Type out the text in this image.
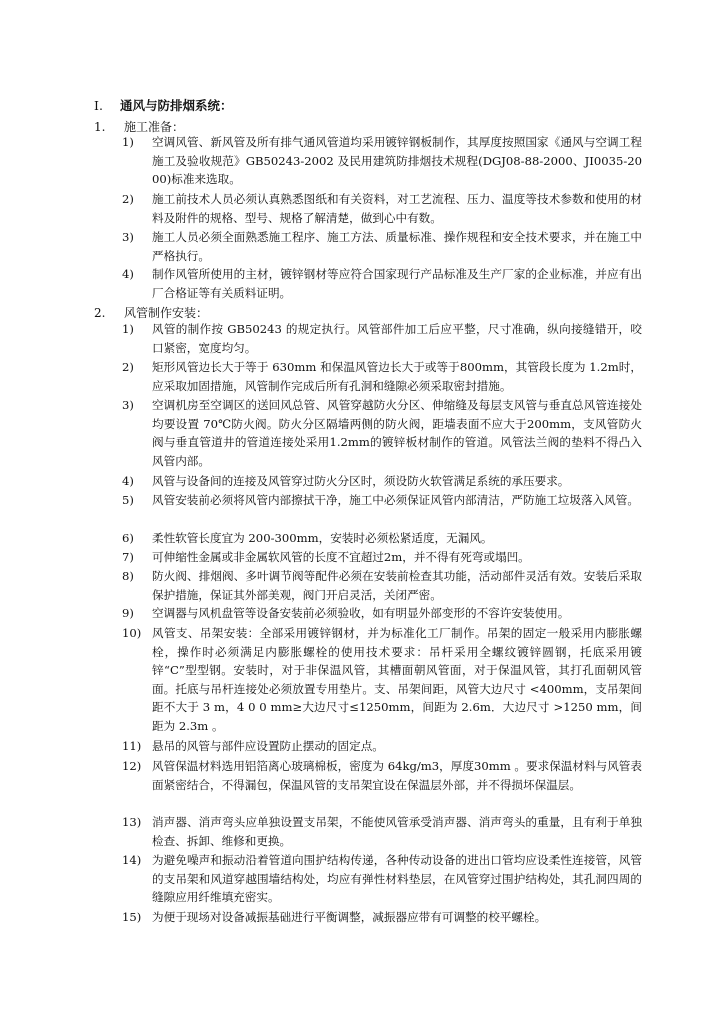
I. 通风与防排烟系统：
1. 施工准备：
1)	空调风管、新风管及所有排气通风管道均采用镀锌钢板制作，其厚度按照国家《通风与空调工程施工及验收规范》GB50243-2002 及民用建筑防排烟技术规程(DGJ08-88-2000、JI0035-2000)标准来选取。
2)	施工前技术人员必须认真熟悉图纸和有关资料，对工艺流程、压力、温度等技术参数和使用的材料及附件的规格、型号、规格了解清楚，做到心中有数。
3)	施工人员必须全面熟悉施工程序、施工方法、质量标准、操作规程和安全技术要求，并在施工中严格执行。
4)	制作风管所使用的主材，镀锌钢材等应符合国家现行产品标准及生产厂家的企业标准，并应有出厂合格证等有关质料证明。
2. 风管制作安装：
1)	风管的制作按 GB50243 的规定执行。风管部件加工后应平整，尺寸准确，纵向接缝错开，咬口紧密，宽度均匀。
2)	矩形风管边长大于等于 630mm 和保温风管边长大于或等于800mm，其管段长度为 1.2m时，应采取加固措施，风管制作完成后所有孔洞和缝隙必须采取密封措施。
3)	空调机房至空调区的送回风总管、风管穿越防火分区、伸缩缝及每层支风管与垂直总风管连接处均要设置 70℃防火阀。防火分区隔墙两侧的防火阀，距墙表面不应大于200mm，支风管防火阀与垂直管道井的管道连接处采用1.2mm的镀锌板材制作的管道。风管法兰阀的垫料不得凸入风管内部。
4)	风管与设备间的连接及风管穿过防火分区时，须设防火软管满足系统的承压要求。
5)	风管安装前必须将风管内部擦拭干净，施工中必须保证风管内部清洁，严防施工垃圾落入风管。
6)	柔性软管长度宜为 200-300mm，安装时必须松紧适度，无漏风。
7)	可伸缩性金属或非金属软风管的长度不宜超过2m，并不得有死弯或塌凹。
8)	防火阀、排烟阀、多叶调节阀等配件必须在安装前检查其功能，活动部件灵活有效。安装后采取保护措施，保证其外部美观，阀门开启灵活，关闭严密。
9)	空调器与风机盘管等设备安装前必须验收，如有明显外部变形的不容许安装使用。
10) 风管支、吊架安装：全部采用镀锌钢材，并为标准化工厂制作。吊架的固定一般采用内膨胀螺栓，操作时必须满足内膨胀螺栓的使用技术要求：吊杆采用全螺纹镀锌圆钢，托底采用镀锌“C”型型钢。安装时，对于非保温风管，其槽面朝风管面，对于保温风管，其打孔面朝风管面。托底与吊杆连接处必须放置专用垫片。支、吊架间距，风管大边尺寸 <400mm，支吊架间距不大于 3 m，4 0 0 mm≥大边尺寸≤1250mm，间距为 2.6m．大边尺寸 >1250 mm，间距为 2.3m 。
11) 悬吊的风管与部件应设置防止摆动的固定点。
12) 风管保温材料选用铝箔离心玻璃棉板，密度为 64kg/m3，厚度30mm 。要求保温材料与风管表面紧密结合，不得漏包，保温风管的支吊架宜设在保温层外部，并不得损坏保温层。
13) 消声器、消声弯头应单独设置支吊架，不能使风管承受消声器、消声弯头的重量，且有利于单独检查、拆卸、维修和更换。
14) 为避免噪声和振动沿着管道向围护结构传递，各种传动设备的进出口管均应设柔性连接管，风管的支吊架和风道穿越围墙结构处，均应有弹性材料垫层，在风管穿过围护结构处，其孔洞四周的缝隙应用纤维填充密实。
15) 为便于现场对设备减振基础进行平衡调整，减振器应带有可调整的校平螺栓。
